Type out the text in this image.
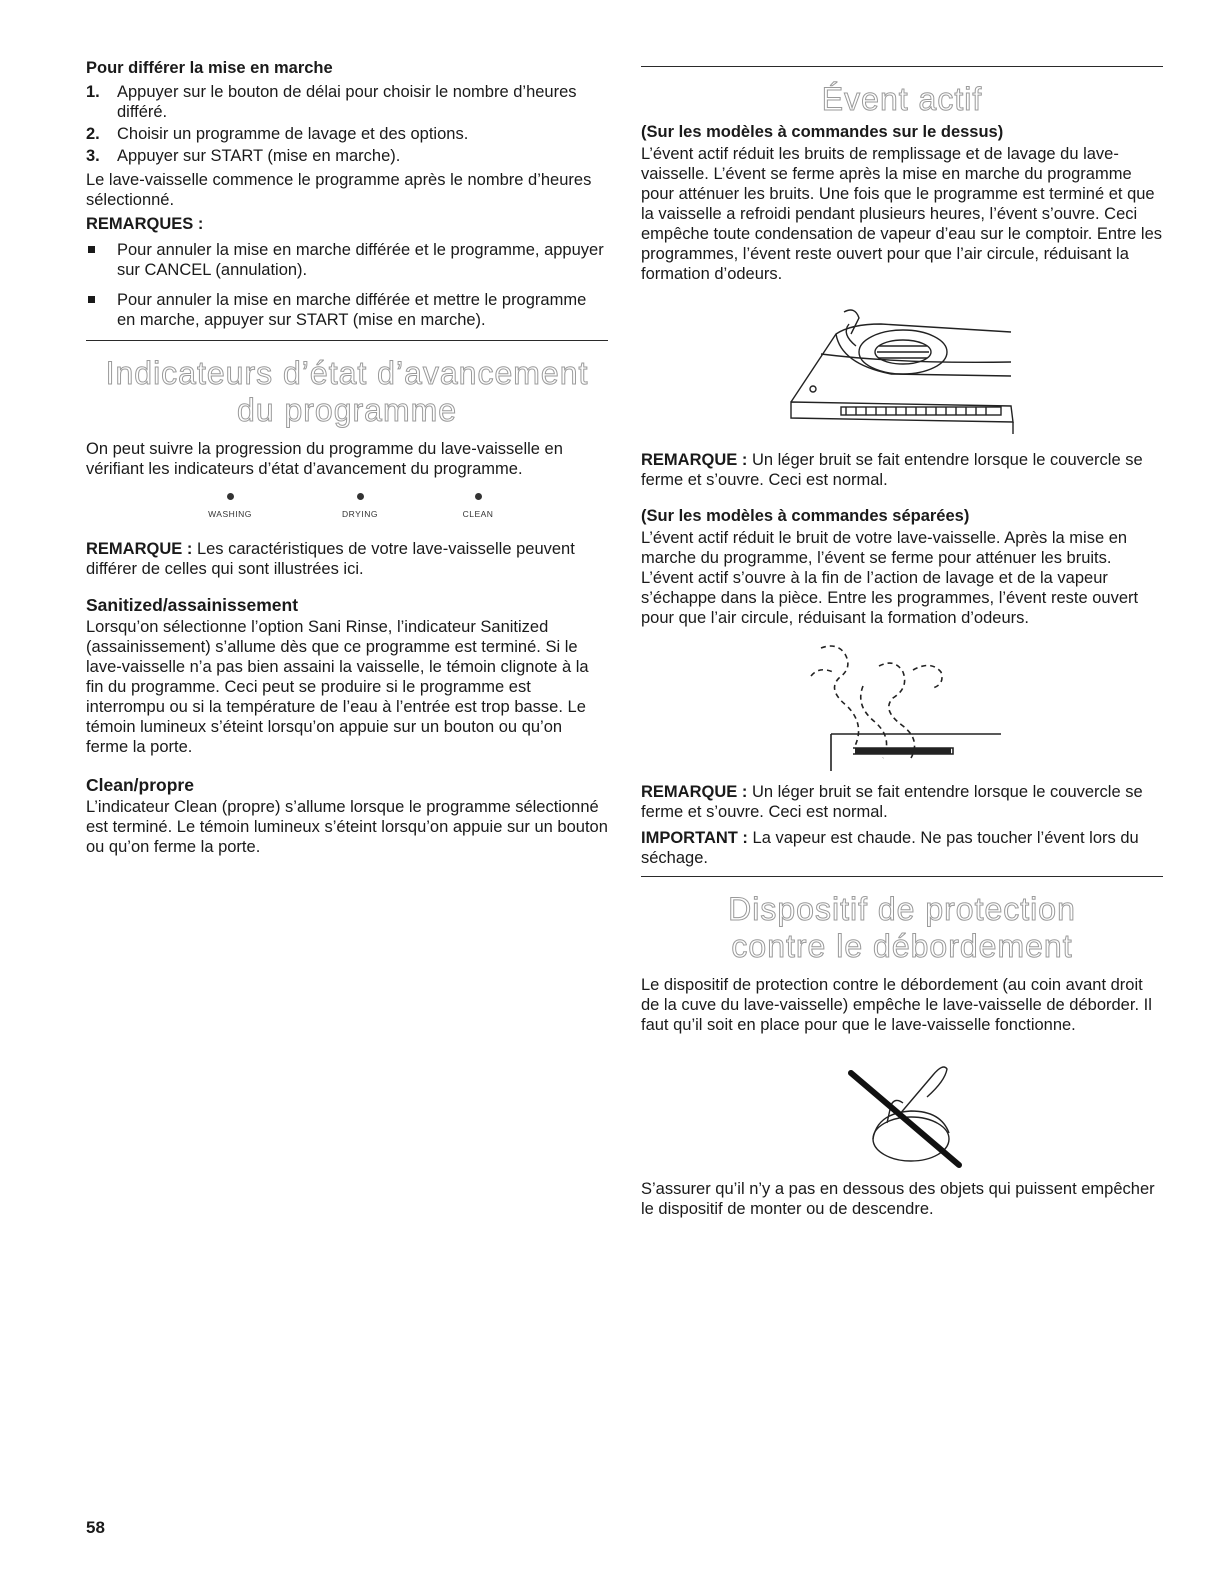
Pour différer la mise en marche
1. Appuyer sur le bouton de délai pour choisir le nombre d’heures différé.
2. Choisir un programme de lavage et des options.
3. Appuyer sur START (mise en marche).
Le lave-vaisselle commence le programme après le nombre d’heures sélectionné.
REMARQUES :
Pour annuler la mise en marche différée et le programme, appuyer sur CANCEL (annulation).
Pour annuler la mise en marche différée et mettre le programme en marche, appuyer sur START (mise en marche).
Indicateurs d’état d’avancement
du programme
On peut suivre la progression du programme du lave-vaisselle en vérifiant les indicateurs d’état d’avancement du programme.
WASHING	DRYING	CLEAN
REMARQUE : Les caractéristiques de votre lave-vaisselle peuvent différer de celles qui sont illustrées ici.
Sanitized/assainissement
Lorsqu’on sélectionne l’option Sani Rinse, l’indicateur Sanitized (assainissement) s’allume dès que ce programme est terminé. Si le lave-vaisselle n’a pas bien assaini la vaisselle, le témoin clignote à la fin du programme. Ceci peut se produire si le programme est interrompu ou si la température de l’eau à l’entrée est trop basse. Le témoin lumineux s’éteint lorsqu’on appuie sur un bouton ou qu’on ferme la porte.
Clean/propre
L’indicateur Clean (propre) s’allume lorsque le programme sélectionné est terminé. Le témoin lumineux s’éteint lorsqu’on appuie sur un bouton ou qu’on ferme la porte.
Évent actif
(Sur les modèles à commandes sur le dessus)
L’évent actif réduit les bruits de remplissage et de lavage du lave-vaisselle. L’évent se ferme après la mise en marche du programme pour atténuer les bruits. Une fois que le programme est terminé et que la vaisselle a refroidi pendant plusieurs heures, l’évent s’ouvre. Ceci empêche toute condensation de vapeur d’eau sur le comptoir. Entre les programmes, l’évent reste ouvert pour que l’air circule, réduisant la formation d’odeurs.
REMARQUE : Un léger bruit se fait entendre lorsque le couvercle se ferme et s’ouvre. Ceci est normal.
(Sur les modèles à commandes séparées)
L’évent actif réduit le bruit de votre lave-vaisselle. Après la mise en marche du programme, l’évent se ferme pour atténuer les bruits. L’évent actif s’ouvre à la fin de l’action de lavage et de la vapeur s’échappe dans la pièce. Entre les programmes, l’évent reste ouvert pour que l’air circule, réduisant la formation d’odeurs.
REMARQUE : Un léger bruit se fait entendre lorsque le couvercle se ferme et s’ouvre. Ceci est normal.
IMPORTANT : La vapeur est chaude. Ne pas toucher l’évent lors du séchage.
Dispositif de protection
contre le débordement
Le dispositif de protection contre le débordement (au coin avant droit de la cuve du lave-vaisselle) empêche le lave-vaisselle de déborder. Il faut qu’il soit en place pour que le lave-vaisselle fonctionne.
S’assurer qu’il n’y a pas en dessous des objets qui puissent empêcher le dispositif de monter ou de descendre.
58
